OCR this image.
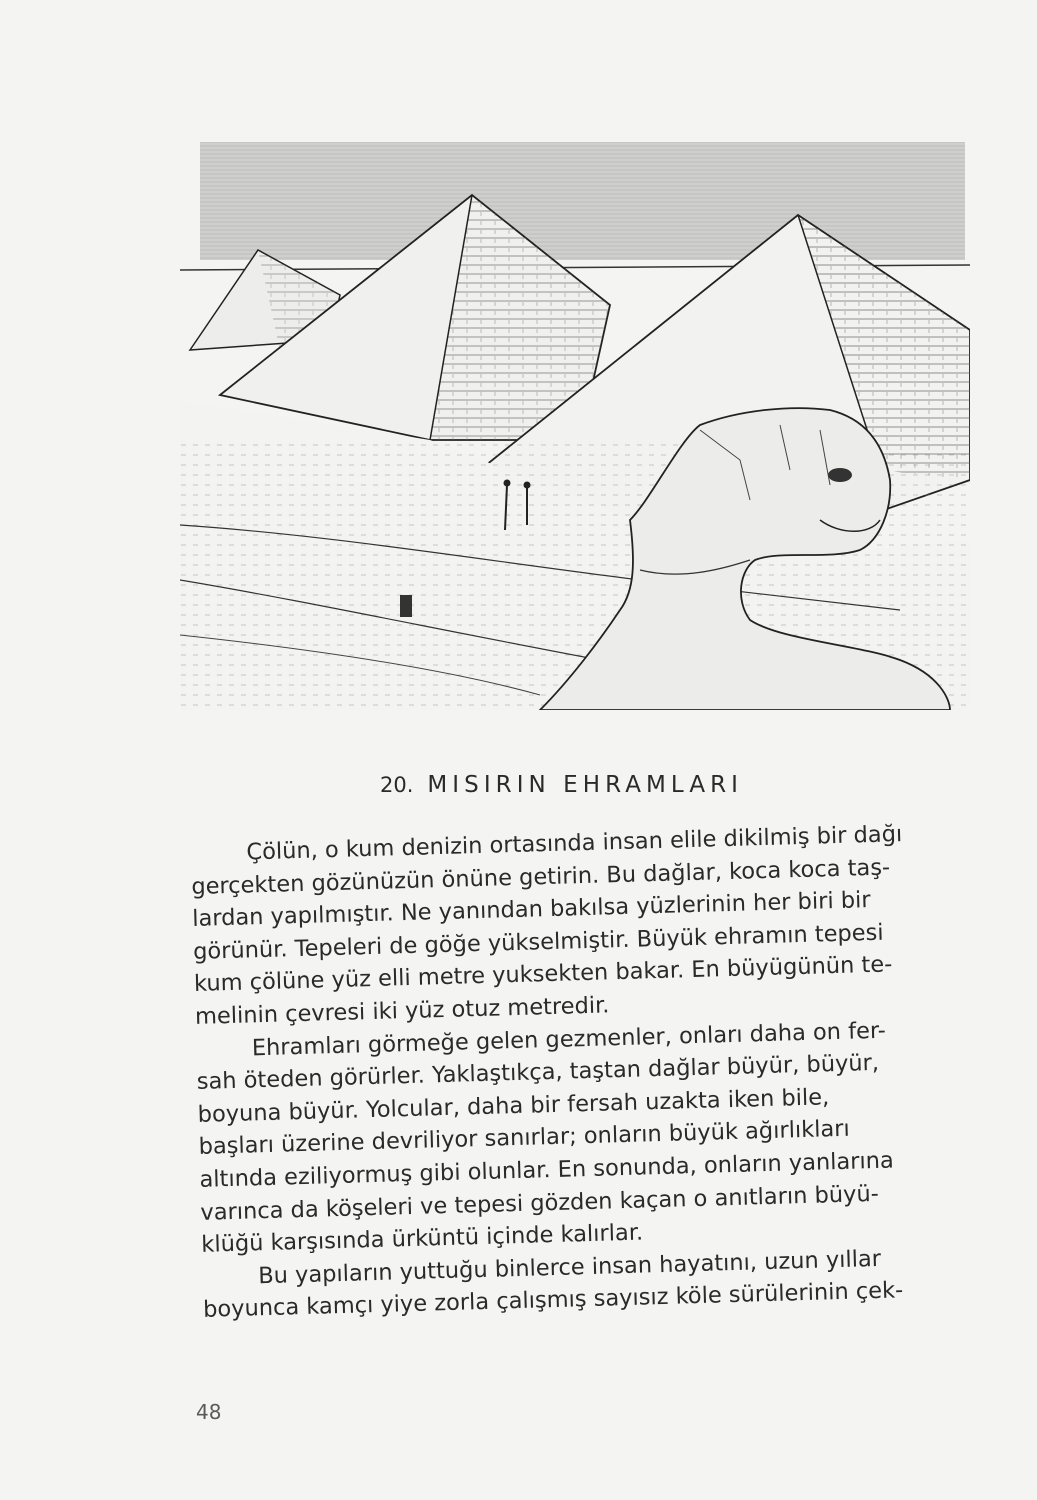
20. MISIRIN EHRAMLARI
Çölün, o kum denizin ortasında insan elile dikilmiş bir dağı
gerçekten gözünüzün önüne getirin. Bu dağlar, koca koca taş-
lardan yapılmıştır. Ne yanından bakılsa yüzlerinin her biri bir
görünür. Tepeleri de göğe yükselmiştir. Büyük ehramın tepesi
kum çölüne yüz elli metre yuksekten bakar. En büyügünün te-
melinin çevresi iki yüz otuz metredir.
Ehramları görmeğe gelen gezmenler, onları daha on fer-
sah öteden görürler. Yaklaştıkça, taştan dağlar büyür, büyür,
boyuna büyür. Yolcular, daha bir fersah uzakta iken bile,
başları üzerine devriliyor sanırlar; onların büyük ağırlıkları
altında eziliyormuş gibi olunlar. En sonunda, onların yanlarına
varınca da köşeleri ve tepesi gözden kaçan o anıtların büyü-
klüğü karşısında ürküntü içinde kalırlar.
Bu yapıların yuttuğu binlerce insan hayatını, uzun yıllar
boyunca kamçı yiye zorla çalışmış sayısız köle sürülerinin çek-
48
